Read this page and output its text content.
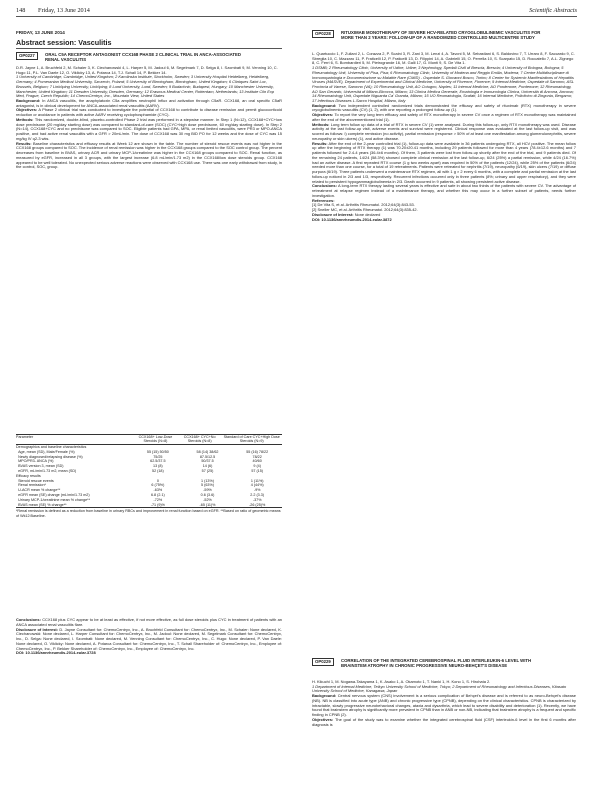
148 Friday, 13 June 2014	Scientific Abstracts
FRIDAY, 13 JUNE 2014
Abstract session: Vasculitis
OP0227 ORAL C5A RECEPTOR ANTAGONIST CCX168 PHASE 2 CLINICAL TRIAL IN ANCA-ASSOCIATED RENAL VASCULITIS
D.R. Jayne 1, A. Bruchfeld 2, M. Schaier 3, K. Ciechanowski 4, L. Harper 5, M. Jadoul 6, M. Segelmark 7, D. Selga 8, I. Szombati 9, M. Venning 10, C. Hugo 11, P.L. Van Daele 12, O. Viklicky 13, A. Potarca 14, T.J. Schall 14, P. Bekker 14.
1 University of Cambridge, Cambridge, United Kingdom; 2 Karolinska Institute, Stockholm, Sweden; 3 University Hospital Heidelberg, Heidelberg, Germany; 4 Pomeranian Medical University, Szczecin, Poland; 5 University of Birmingham, Birmingham, United Kingdom; 6 Cliniques Saint Luc, Brussels, Belgium; 7 Linköping University, Linköping; 8 Lund University, Lund, Sweden; 9 Budachnic, Budapest, Hungary; 10 Manchester University, Manchester, United Kingdom; 11 Dresden University, Dresden, Germany; 12 Erasmus Medical Center, Rotterdam, Netherlands; 13 Institute Clin Exp Med, Prague, Czech Republic; 14 ChemoCentryx, Inc., Mountain View, United States

Background: In ANCA vasculitis, the anaphylatoxin C5a amplifies neutrophil influx and activation through C5aR. CCX168, an oral specific C5aR antagonist, is in clinical development for ANCA-associated renal vasculitis (AARV).

Objectives: A Phase 2 clinical trial was conducted to investigate the potential of CCX168 to contribute to disease remission and permit glucocorticoid reduction or avoidance in patients with active AARV receiving cyclophosphamide (CYC).

Methods: This randomized, double-blind, placebo-controlled Phase 2 trial was performed in a stepwise manner. In Step 1 (N=12), CCX168+CYC+low dose prednisone (20 mg/day starting dose) was compared to standard-of-care (SOC) (CYC+high dose prednisone, 60 mg/day starting dose). In Step 2 (N=14), CCX168+CYC and no prednisone was compared to SOC. Eligible patients had GPA, MPA, or renal limited vasculitis, were PR3 or MPO-ANCA positive, and had active renal vasculitis with a GFR > 20mL/min. The dose of CCX168 was 30 mg BID PO for 12 weeks and the dose of CYC was 15 mg/kg IV q2-3 wks.

Results: Baseline characteristics and efficacy results at Week 12 are shown in the table. The number of steroid rescue events was not higher in the CCX168 groups compared to SOC. The incidence of renal remission was higher in the CCX168 groups compared to the SOC control group. The percent decreases from baseline in BVAS, urinary ACR and urinary MCP-1/creatinine was higher in the CCX168 groups compared to SOC. Renal function, as measured by eGFR, increased in all 3 groups, with the largest increase (6.8 mL/min/1.73 m2) in the CCX168/low dose steroids group. CCX168 appeared to be well tolerated. No unexpected serious adverse reactions were observed with CCX168 use. There was one early withdrawal from study, in the control, SOC, group.

Parameter	CCX168+ Low-Dose Steroids (N=8)	CCX168+ CYC+No Steroids (N=8)	Standard of Care CYC+High Dose Steroids (N=9)
Demographics and baseline characteristics			
Age, mean (SD), Male/Female (%)	55 (15) 50/50	58 (14) 38/62	55 (16) 78/22
Newly diagnosed/relapsing disease (%)	75/25	87.5/12.5	78/22
MPO/PR3- ANCA (%)	62.5/37.5	50/37.5	40/60
BVAS version 3, mean (SD)	13 (8)	14 (6)	9 (4)
eGFR, mL/min/1.73 m2, mean (SD)	52 (18)	57 (25)	57 (15)
Efficacy results			
Steroid rescue events	0	1 (13%)	1 (11%)
Renal remission*	6 (75%)	5 (63%)	4 (44%)
U-ACR mean % change**	-63%	-59%	-9%
eGFR mean (SE) change (mL/min/1.73 m2)	6.8 (2.1)	0.6 (3.6)	2.2 (3.3)
Urinary MCP-1/creatinine mean % change**	-72%	-52%	-37%
BVAS mean (SE) % change**	-71 (9)%	-65 (11)%	-26 (25)%
*Renal remission is defined as a reduction from baseline in urinary RBCs and improvement in renal function based on eGFR. **Based on ratio of geometric means of Wk12:Baseline.

Conclusions: CCX168 plus CYC appear to be at least as effective, if not more effective, as full dose steroids plus CYC in treatment of patients with an ANCA associated renal vasculitis flare.

Disclosure of Interest: D. Jayne Consultant for: ChemoCentryx, Inc., A. Bruchfeld Consultant for: ChemoCentryx, Inc., M. Schaier: None declared, K. Ciechanowski: None declared, L. Harper Consultant for: ChemoCentryx, Inc., M. Jadoul: None declared, M. Segelmark Consultant for: ChemoCentryx, Inc., D. Selga: None declared, I. Szombati: None declared, M. Venning Consultant for: ChemoCentryx, Inc., C. Hugo: None declared, P. Van Daele: None declared, O. Viklicky: None declared, A. Potarca Consultant for: ChemoCentryx, Inc., T. Schall Shareholder of: ChemoCentryx, Inc., Employee of: ChemoCentryx, Inc., P. Bekker Shareholder of: ChemoCentryx, Inc., Employee of: ChemoCentryx, Inc.

DOI: 10.1136/annrheumdis-2014-eular.3728

OP0228 RITUXIMAB MONOTHERAPY OF SEVERE HCV-RELATED CRYOGLOBULINEMIC VASCULITIS FOR MORE THAN 2 YEARS: FOLLOW-UP OF A RANDOMIZED CONTROLLED MULTICENTRE STUDY
L. Quartuccio 1, F. Zuliani 2, L. Corazza 2, P. Scaini 3, R. Zani 3, M. Lenzi 4, A. Tavoni 5, M. Sebastiani 6, S. Baldovino 7, T. Urraro 8, F. Saccardo 9, C. Sbreglia 10, C. Mazzaro 11, P. Fraticelli 12, P. Fraticelli 13, D. Filippini 14, A. Gabrielli 15, O. Perrella 10, S. Scarpato 15, D. Roccatello 7, A.L. Zignego 8, C. Ferri 6, S. Bombardieri 5, M. Pietrogrande 16, M. Galli 17, G. Monti 9, S. De Vita 1.
1 DSMB; 2 Rheumatology Clinic, University of Udine, Udine; 3 Nephrology, Spedali Civili di Brescia, Brescia; 4 University of Bologna, Bologna; 5 Rheumatology Unit, University of Pisa, Pisa; 6 Rheumatology Clinic, University of Modena and Reggio Emilia, Modena; 7 Centre Multidisciplinare di Immunopatologia e Documentazione su Malattie Rare (CMID) - Ospedale S. Giovanni Bosco, Torino; 8 Center for Systemic Manifestations of Hepatitis Viruses (MASVE), Department of Experimental and Clinical Medicine, University of Florence, Florence; 9 Internal Medicine, Ospedale di Saronno, ASL Provincia di Varese, Saronno (VA); 10 Rheumatology Unit, AO Cotugno, Naples; 11 Internal Medicine, AO Pordenone, Pordenone; 12 Rheumatology, AO San Gerardo, Università di Milano-Bicocca, Milano; 13 Clinica Medica Generale, Ematologia e Immunologia Clinica, Università di Ancona, Ancona; 14 Rheumatology Unit, Ospedale Niguarda Ca' Granda, Milano; 15 UO Reumatologia, Scafati; 16 Internal Medicine, Policlinico di Zingonia, Bergamo; 17 Infectious Diseases L.Sacco Hospital, Milano, Italy

Background: Two independent controlled randomized trials demonstrated the efficacy and safety of rituximab (RTX) monotherapy in severe cryoglobulinemic vasculitis (CV) (1, 2), with one reporting a prolonged follow-up (1).

Objectives: To report the very long term efficacy and safety of RTX monotherapy in severe CV once a regimen of RTX monotherapy was maintained after the end of the abovementioned trial (1).

Methods: Long term follow up data of a trial of RTX in severe CV (1) were analysed. During this follow-up, only RTX monotherapy was used. Disease activity at the last follow-up visit, adverse events and survival were registered. Clinical response was evaluated at the last follow-up visit, and was scored as follows: i) complete remission (no activity), partial remission (response > 50% of at least one manifestation among glomerulonephritis, severe neuropathy or skin ulcers) (1), and active disease.

Results: After the end of the 2-year controlled trial (1), follow-up data were available in 36 patients undergoing RTX, all HCV positive. The mean follow up after the beginning of RTX therapy (1) was 70.20±20.41 months, including 29 patients followed for more than 4 years (78.4±12.6 months) and 7 patients followed for 2.4-4 years (36.4±6 months). Of them, 3 patients were lost from follow-up shortly after the end of the trial, and 9 patients died. Of the remaining 24 patients, 14/24 (58.3%) showed complete clinical remission at the last follow-up, 6/24 (25%) a partial remission, while 4/24 (16.7%) had an active disease. A first repeated RTX course (1 g two weeks apart) was required in 50% of the patients (12/24), while 25% of the patients (6/24) needed more than one course, for a total of 19 retreatments. Patients were retreated for nephritis (7/19), neuropathy (6/19), skin ulcers (7/19) or diffuse purpura (6/19). Three patients underwent a maintenance RTX regimen, all with 1 g × 2 every 6 months, with a complete and partial remission at the last follow-up noticed in 2/3 and 1/3, respectively. Recurrent infections occurred only in three patients (8%; urinary and upper respiratory), and they were related to persistent hypogammaglobulinemia in 2/3. Death occurred in 9 patients, all showing persistent active disease.

Conclusions: A long-term RTX therapy lasting several years is effective and safe in about two thirds of the patients with severe CV. The advantage of retreatment at relapse regimen instead of a maintenance therapy, and whether this may occur in a further subset of patients, needs further investigation.

References:

[1] De Vita S, et al. Arthritis Rheumatol. 2012;64(3):843-53.

[2] Sneller MC, et al. Arthritis Rheumatol. 2012;64(3):835-42.

Disclosure of Interest: None declared

DOI: 10.1136/annrheumdis-2014-eular.3872

OP0229 CORRELATION OF THE INTEGRATED CEREBROSPINAL FLUID INTERLEUKIN-6 LEVEL WITH BRAINSTEM ATROPHY IN CHRONIC PROGRESSIVE NEURO-BEHÇET'S DISEASE
H. Kikuchi 1, M. Nogawa-Takayama 1, K. Asako 1, A. Okamoto 1, T. Nanki 1, H. Kono 1, S. Hirohata 2.
1 Department of Internal Medicine, Teikyo University School of Medicine, Tokyo; 2 Department of Rheumatology and Infectious Diseases, Kitasato University School of Medicine, Kanagawa, Japan

Background: Central nervous system (CNS) involvement is a serious complication of Behçet's disease and is referred to as neuro-Behçet's disease (NB). NB is classified into acute type (ANB) and chronic progressive type (CPNB), depending on the clinical characteristics. CPNB is characterized by intractable, slowly progressive neurobehavioral changes, ataxia and dysarthria, which lead to severe disability and deterioration (1). Recently, we have found that brainstem atrophy is significantly more prevalent in CPNB than in ANB or non-NB, indicating that brainstem atrophy is a frequent and specific finding in CPNB (2).

Objectives: The goal of the study was to examine whether the integrated cerebrospinal fluid (CSF) interleukin-6 level in the first 6 months after diagnosis is
